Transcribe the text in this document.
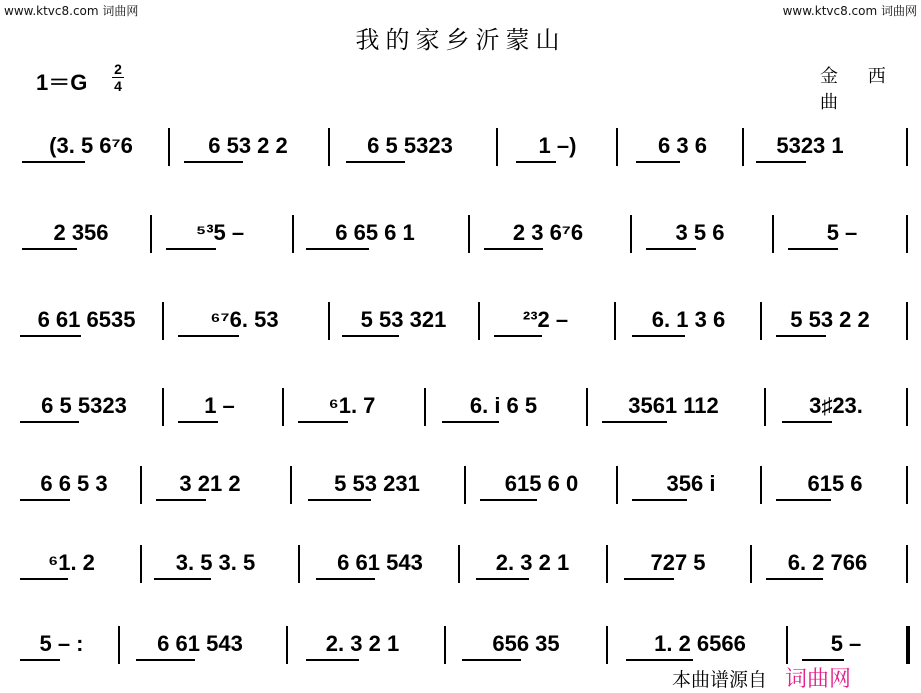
www.ktvc8.com 词曲网	www.ktvc8.com 词曲网
我的家乡沂蒙山
1＝G
2
4	金 西曲
(3. 5 6⁷6	6 53 2 2	6 5 5323	1 –)	6 3 6	5323 1
2 356	⁵³5 –	6 65 6 1	2 3 6⁷6	3 5 6	5 –
6 61 6535	⁶⁷6. 53	5 53 321	²³2 –	6. 1 3 6	5 53 2 2
6 5 5323	1 –	⁶1. 7	6. i 6 5	3561 112	3♯23.
6 6 5 3	3 21 2	5 53 231	615 6 0	356 i	615 6
⁶1. 2	3. 5 3. 5	6 61 543	2. 3 2 1	727 5	6. 2 766
5 – :	6 61 543	2. 3 2 1	656 35	1. 2 6566	5 –
本曲谱源自 词曲网
